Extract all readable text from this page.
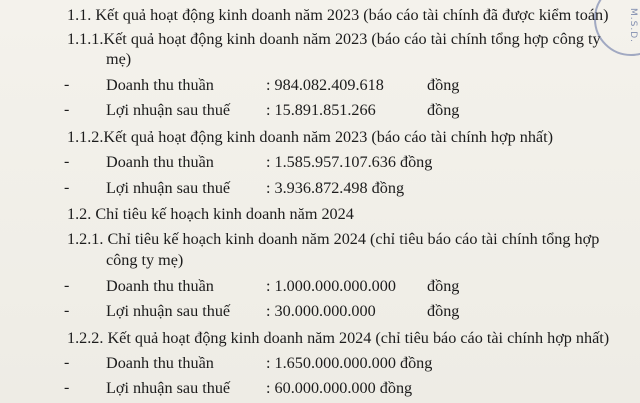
M.S.D.
1.1. Kết quả hoạt động kinh doanh năm 2023 (báo cáo tài chính đã được kiểm toán)
1.1.1.Kết quả hoạt động kinh doanh năm 2023 (báo cáo tài chính tổng hợp công ty
mẹ)
- Doanh thu thuần	: 984.082.409.618	đồng
- Lợi nhuận sau thuế : 15.891.851.266	đồng
1.1.2.Kết quả hoạt động kinh doanh năm 2023 (báo cáo tài chính hợp nhất)
- Doanh thu thuần	: 1.585.957.107.636 đồng
- Lợi nhuận sau thuế : 3.936.872.498 đồng
1.2. Chỉ tiêu kế hoạch kinh doanh năm 2024
1.2.1. Chỉ tiêu kế hoạch kinh doanh năm 2024 (chỉ tiêu báo cáo tài chính tổng hợp
công ty mẹ)
- Doanh thu thuần	: 1.000.000.000.000 đồng
- Lợi nhuận sau thuế : 30.000.000.000	đồng
1.2.2. Kết quả hoạt động kinh doanh năm 2024 (chỉ tiêu báo cáo tài chính hợp nhất)
- Doanh thu thuần	: 1.650.000.000.000 đồng
- Lợi nhuận sau thuế : 60.000.000.000 đồng
